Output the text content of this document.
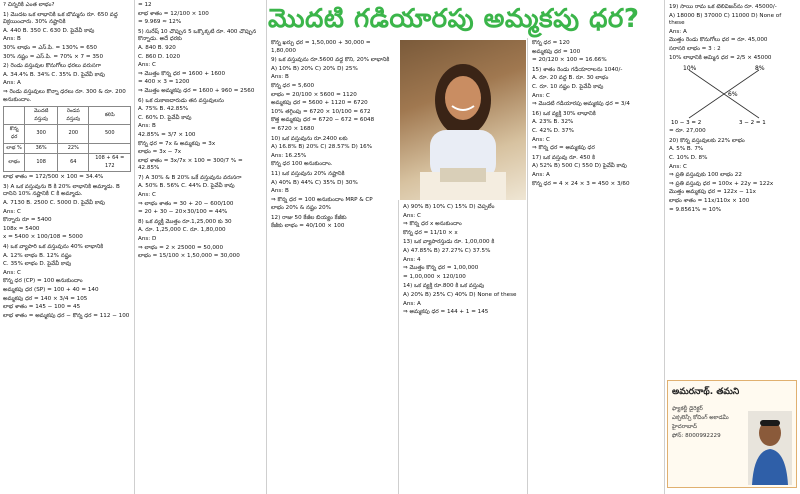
? చిన్నరికి ఎంత లాభం?

1) మొదట ఒక లాభానికి ఒక బొమ్మను రూ. 650 వద్ద విక్రయించారు. 30% నష్టానికి

A. 440 B. 350 C. 630 D. పైవేవీ కావు

Ans: B

30% లాభం = ఎస్.పి. = 130% = 650

30% నష్టం = ఎస్.పి. = 70% × 7 = 350

2) రెండు వస్తువుల కొనుగోలు ధరలు వరుసగా

A. 34.4% B. 34% C. 35% D. పైవేవీ కావు

Ans: A

⇒ రెండు వస్తువులు కొన్నా ధరలు రూ. 300 & రూ. 200 అనుకుందాం.

	మొదటి వస్తువు	రెండవ వస్తువు	కలిపి
కొన్న ధర	300	200	500
లాభ %	36%	22%	
లాభం	108	64	108 + 64 = 172

లాభ శాతం = 172/500 × 100 = 34.4%

3) A ఒక వస్తువును B కి 20% లాభానికి అమ్మాడు. B దానిని 10% నష్టానికి C కి అమ్మాడు.

A. 7130 B. 2500 C. 5000 D. పైవేవీ కావు

Ans: C

కొన్నారు రూ = 5400

108x = 5400

x = 5400 × 100/108 = 5000

4) ఒక వ్యాపారి ఒక వస్తువును 40% లాభానికి

A. 12% లాభం B. 12% నష్టం

C. 35% లాభం D. పైవేవీ కావు

Ans: C

కొన్న ధర (CP) = 100 అనుకుందాం

అమ్మకపు ధర (SP) = 100 + 40 = 140

అమ్మకపు ధర = 140 × 3/4 = 105

లాభ శాతం = 145 − 100 = 45

లాభ శాతం = అమ్మకపు ధర − కొన్న ధర = 112 − 100

= 12

లాభ శాతం = 12/100 × 100

= 9.969 ≈ 12%

5) సురేష్ 10 చొప్పున 5 ఒక్కొక్కటి రూ. 400 చొప్పున కొన్నాడు. అదే ధరకు

A. 840 B. 920

C. 860 D. 1020

Ans: C

⇒ మొత్తం కొన్న ధర = 1600 + 1600

= 400 × 3 = 1200

⇒ మొత్తం అమ్మకపు ధర = 1600 + 960 = 2560

6) ఒక దుకాణదారుడు తన వస్తువులను

A. 75% B. 42.85%

C. 60% D. పైవేవీ కావు

Ans: B

42.85% = 3/7 × 100

కొన్న ధర = 7x & అమ్మకపు = 3x

లాభం = 3x − 7x

లాభ శాతం = 3x/7x × 100 = 300/7 % = 42.85%

7) A 30% & B 20% ఒకే వస్తువును వరుసగా

A. 50% B. 56% C. 44% D. పైవేవీ కావు

Ans: C

⇒ లాభం శాతం = 30 + 20 − 600/100

= 20 + 30 − 20×30/100 = 44%

8) ఒక వ్యక్తి మొత్తం రూ.1,25,000 కు 30

A. రూ. 1,25,000 C. రూ. 1,80,000

Ans: D

⇒ లాభం = 2 × 25000 = 50,000

లాభం = 15/100 × 1,50,000 = 30,000

మొదటి గడియారపు అమ్మకపు ధర?

కొన్న ఖర్చు ధర = 1,50,000 + 30,000 = 1,80,000

9) ఒక వస్తువును రూ.5600 వద్ద కొని, 20% లాభానికి

A) 10% B) 20% C) 20% D) 25%

Ans: B

కొన్న ధర = 5,600

లాభం = 20/100 × 5600 = 1120

అమ్మకపు ధర = 5600 + 1120 = 6720

10% తగ్గింపు = 6720 × 10/100 = 672

కొత్త అమ్మకపు ధర = 6720 − 672 = 6048

= 6720 × 1680

10) ఒక వస్తువును రూ.2400 లకు

A) 16.8% B) 20% C) 28.57% D) 16%

Ans: 16.25%

కొన్న ధర 100 అనుకుందాం.

11) ఒక వస్తువును 20% నష్టానికి

A) 40% B) 44% C) 35% D) 30%

Ans: B

⇒ కొన్న ధర = 100 అనుకుందాం MRP & CP

లాభం 20% & నష్టం 20%

12) రాజు 50 కేజీల బియ్యం కేజీకు

కేజీకు లాభం = 40/100 × 100

A) 90% B) 10% C) 15% D) చెప్పలేం

Ans: C

⇒ కొన్న ధర x అనుకుందాం

కొన్న ధర = 11/10 × x

13) ఒక వ్యాపారస్తుడు రూ. 1,00,000 కి

A) 47.85% B) 27.27% C) 37.5%

Ans: 4

⇒ మొత్తం కొన్న ధర = 1,00,000

= 1,00,000 × 120/100

14) ఒక వ్యక్తి రూ.800 కి ఒక వస్తువు

A) 20% B) 25% C) 40% D) None of these

Ans: A

⇒ అమ్మకపు ధర = 144 + 1 = 145

కొన్న ధర = 120

అమ్మకపు ధర = 100

= 20/120 × 100 = 16.66%

15) శాతం రెండు గడియారాలను 1040/-

A. రూ. 20 వద్ద B. రూ. 30 లాభం

C. రూ. 10 నష్టం D. పైవేవీ కావు

Ans: C

⇒ మొదటి గడియారపు అమ్మకపు ధర = 3/4

16) ఒక వ్యక్తి 30% లాభానికి

A. 23% B. 32%

C. 42% D. 37%

Ans: C

⇒ కొన్న ధర = అమ్మకపు ధర

17) ఒక వస్తువు రూ. 450 కి

A) 52% B) 500 C) 550 D) పైవేవీ కావు

Ans: A

కొన్న ధర = 4 × 24 × 3 = 450 × 3/60

19) సాయి రామ ఒక టెలివిజన్‌ను రూ. 45000/-

A) 18000 B) 37000 C) 11000 D) None of these

Ans: A

మొత్తం రెండు కొనుగోలు ధర = రూ. 45,000

సరాసరి లాభం = 3 : 2

10% లాభానికి అమ్మిన ధర = 2/5 × 45000

10%	8%
6%
10 − 3 = 2	3 − 2 = 1

= రూ. 27,000

20) కొన్న వస్తువులకు 22% లాభం

A. 5% B. 7%

C. 10% D. 8%

Ans: C

⇒ ప్రతి వస్తువుకు 100 లాభం 22

⇒ ప్రతి వస్తువు ధర = 100x + 22y = 122x

మొత్తం అమ్మకపు ధర = 122x − 11x

లాభం శాతం = 11x/110x × 100

= 9.8561% ≈ 10%

అమరనాథ్. తమని
ఫ్యాకల్టీ డైరెక్టర్
ఎక్సలెన్సీ కోచింగ్ అకాడమీ
హైదరాబాద్
ఫోన్: 8000992229
